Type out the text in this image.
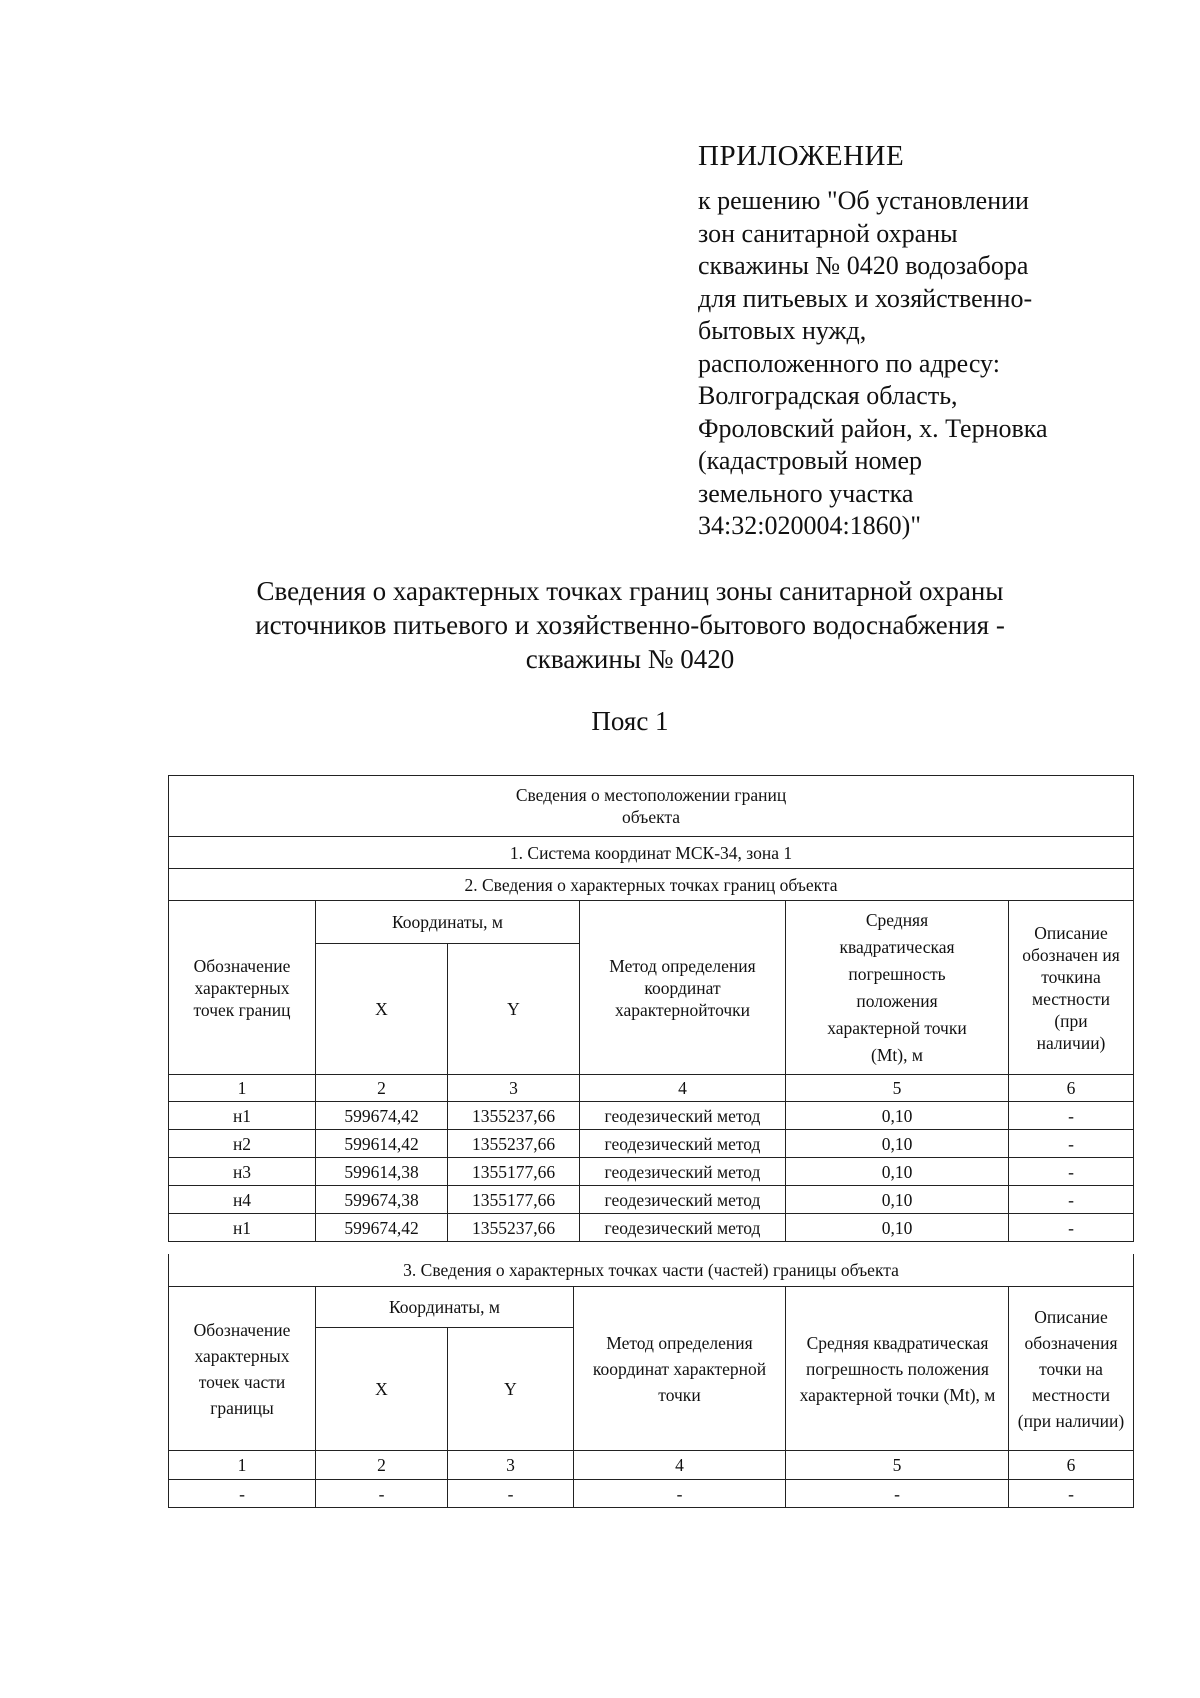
ПРИЛОЖЕНИЕ
к решению "Об установлении
зон санитарной охраны
скважины № 0420 водозабора
для питьевых и хозяйственно-
бытовых нужд,
расположенного по адресу:
Волгоградская область,
Фроловский район, х. Терновка
(кадастровый номер
земельного участка
34:32:020004:1860)"
Сведения о характерных точках границ зоны санитарной охраны
источников питьевого и хозяйственно-бытового водоснабжения -
скважины № 0420
Пояс 1
Сведения о местоположении границ объекта					

1. Система координат МСК-34, зона 1					
2. Сведения о характерных точках границ объекта					

Обозначение характерных точек границ	Координаты, м		Метод определения координат характернойточки	Средняя квадратическая погрешность положения характерной точки (Mt), м	Описание обозначен ия точкина местности (при наличии)

	X	Y			
1	2	3	4	5	6
н1	599674,42	1355237,66	геодезический метод	0,10	-
н2	599614,42	1355237,66	геодезический метод	0,10	-
н3	599614,38	1355177,66	геодезический метод	0,10	-
н4	599674,38	1355177,66	геодезический метод	0,10	-
н1	599674,42	1355237,66	геодезический метод	0,10	-
3. Сведения о характерных точках части (частей) границы объекта					

Обозначение характерных точек части границы	Координаты, м		Метод определения координат характерной точки	Средняя квадратическая погрешность положения характерной точки (Mt), м	Описание обозначения точки на местности (при наличии)

	X	Y			
1	2	3	4	5	6
-	-	-	-	-	-
